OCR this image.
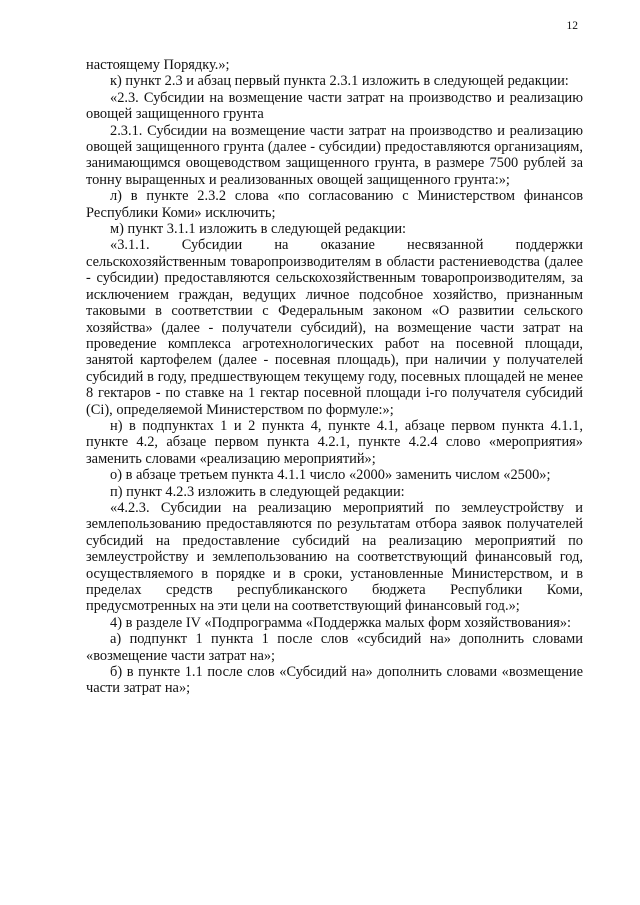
12

настоящему Порядку.»;

к) пункт 2.3 и абзац первый пункта 2.3.1 изложить в следующей редакции:

«2.3. Субсидии на возмещение части затрат на производство и реализацию овощей защищенного грунта

2.3.1. Субсидии на возмещение части затрат на производство и реализацию овощей защищенного грунта (далее - субсидии) предоставляются организациям, занимающимся овощеводством защищенного грунта, в размере 7500 рублей за тонну выращенных и реализованных овощей защищенного грунта:»;

л) в пункте 2.3.2 слова «по согласованию с Министерством финансов Республики Коми» исключить;

м) пункт 3.1.1 изложить в следующей редакции:

«3.1.1. Субсидии на оказание несвязанной поддержки сельскохозяйственным товаропроизводителям в области растениеводства (далее - субсидии) предоставляются сельскохозяйственным товаропроизводителям, за исключением граждан, ведущих личное подсобное хозяйство, признанным таковыми в соответствии с Федеральным законом «О развитии сельского хозяйства» (далее - получатели субсидий), на возмещение части затрат на проведение комплекса агротехнологических работ на посевной площади, занятой картофелем (далее - посевная площадь), при наличии у получателей субсидий в году, предшествующем текущему году, посевных площадей не менее 8 гектаров - по ставке на 1 гектар посевной площади i-го получателя субсидий (Ci), определяемой Министерством по формуле:»;

н) в подпунктах 1 и 2 пункта 4, пункте 4.1, абзаце первом пункта 4.1.1, пункте 4.2, абзаце первом пункта 4.2.1, пункте 4.2.4 слово «мероприятия» заменить словами «реализацию мероприятий»;

о) в абзаце третьем пункта 4.1.1 число «2000» заменить числом «2500»;

п) пункт 4.2.3 изложить в следующей редакции:

«4.2.3. Субсидии на реализацию мероприятий по землеустройству и землепользованию предоставляются по результатам отбора заявок получателей субсидий на предоставление субсидий на реализацию мероприятий по землеустройству и землепользованию на соответствующий финансовый год, осуществляемого в порядке и в сроки, установленные Министерством, и в пределах средств республиканского бюджета Республики Коми, предусмотренных на эти цели на соответствующий финансовый год.»;

4) в разделе IV «Подпрограмма «Поддержка малых форм хозяйствования»:

а) подпункт 1 пункта 1 после слов «субсидий на» дополнить словами «возмещение части затрат на»;

б) в пункте 1.1 после слов «Субсидий на» дополнить словами «возмещение части затрат на»;
